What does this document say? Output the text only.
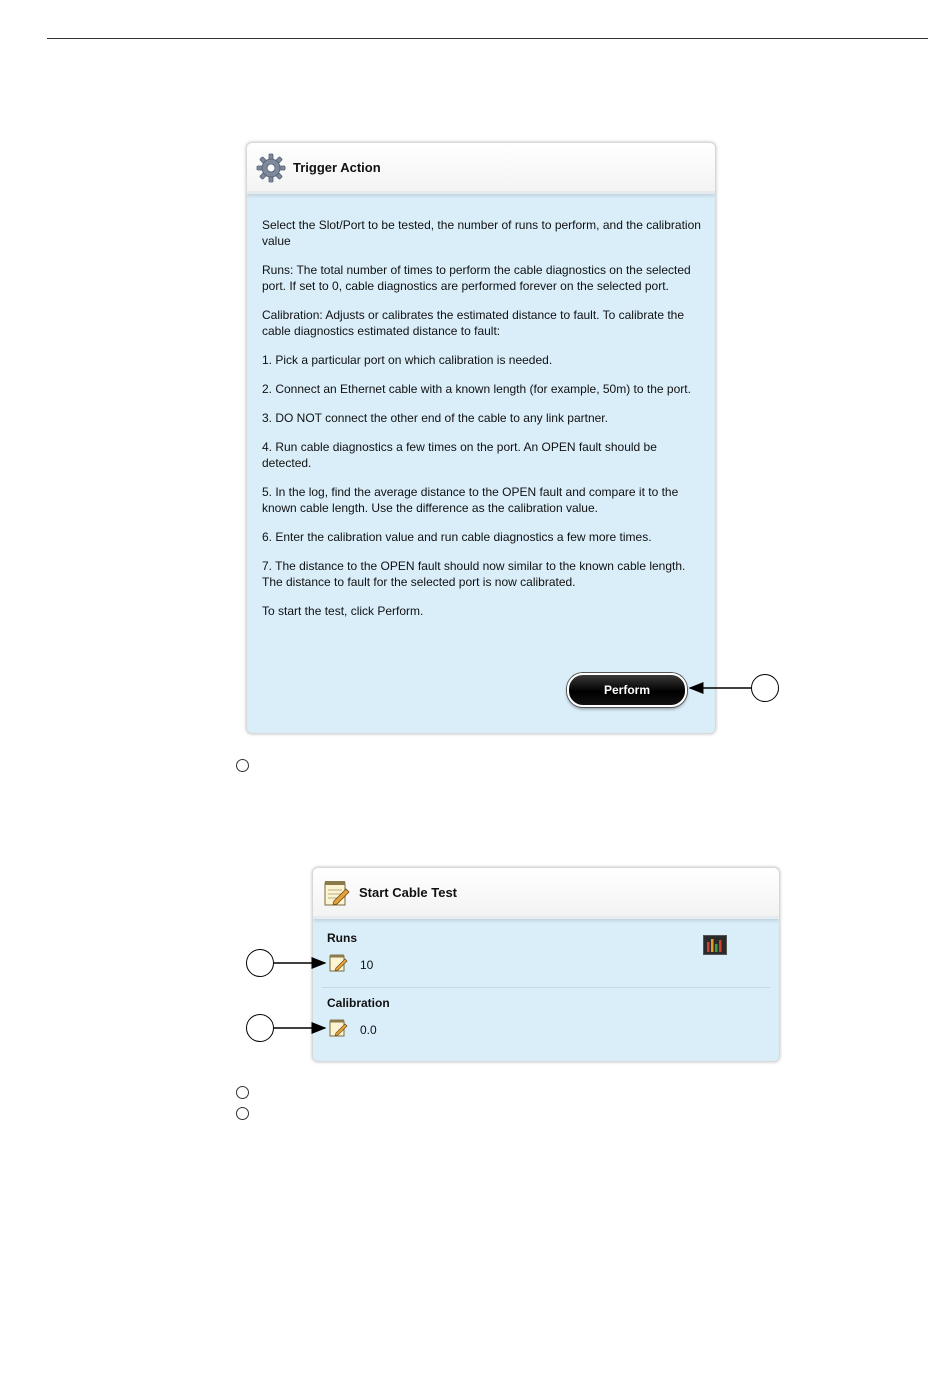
Trigger Action

Select the Slot/Port to be tested, the number of runs to perform, and the calibration value

Runs: The total number of times to perform the cable diagnostics on the selected port. If set to 0, cable diagnostics are performed forever on the selected port.

Calibration: Adjusts or calibrates the estimated distance to fault. To calibrate the cable diagnostics estimated distance to fault:

1. Pick a particular port on which calibration is needed.

2. Connect an Ethernet cable with a known length (for example, 50m) to the port.

3. DO NOT connect the other end of the cable to any link partner.

4. Run cable diagnostics a few times on the port. An OPEN fault should be detected.

5. In the log, find the average distance to the OPEN fault and compare it to the known cable length. Use the difference as the calibration value.

6. Enter the calibration value and run cable diagnostics a few more times.

7. The distance to the OPEN fault should now similar to the known cable length. The distance to fault for the selected port is now calibrated.

To start the test, click Perform.

Perform
Start Cable Test
Runs
10
Calibration
0.0
